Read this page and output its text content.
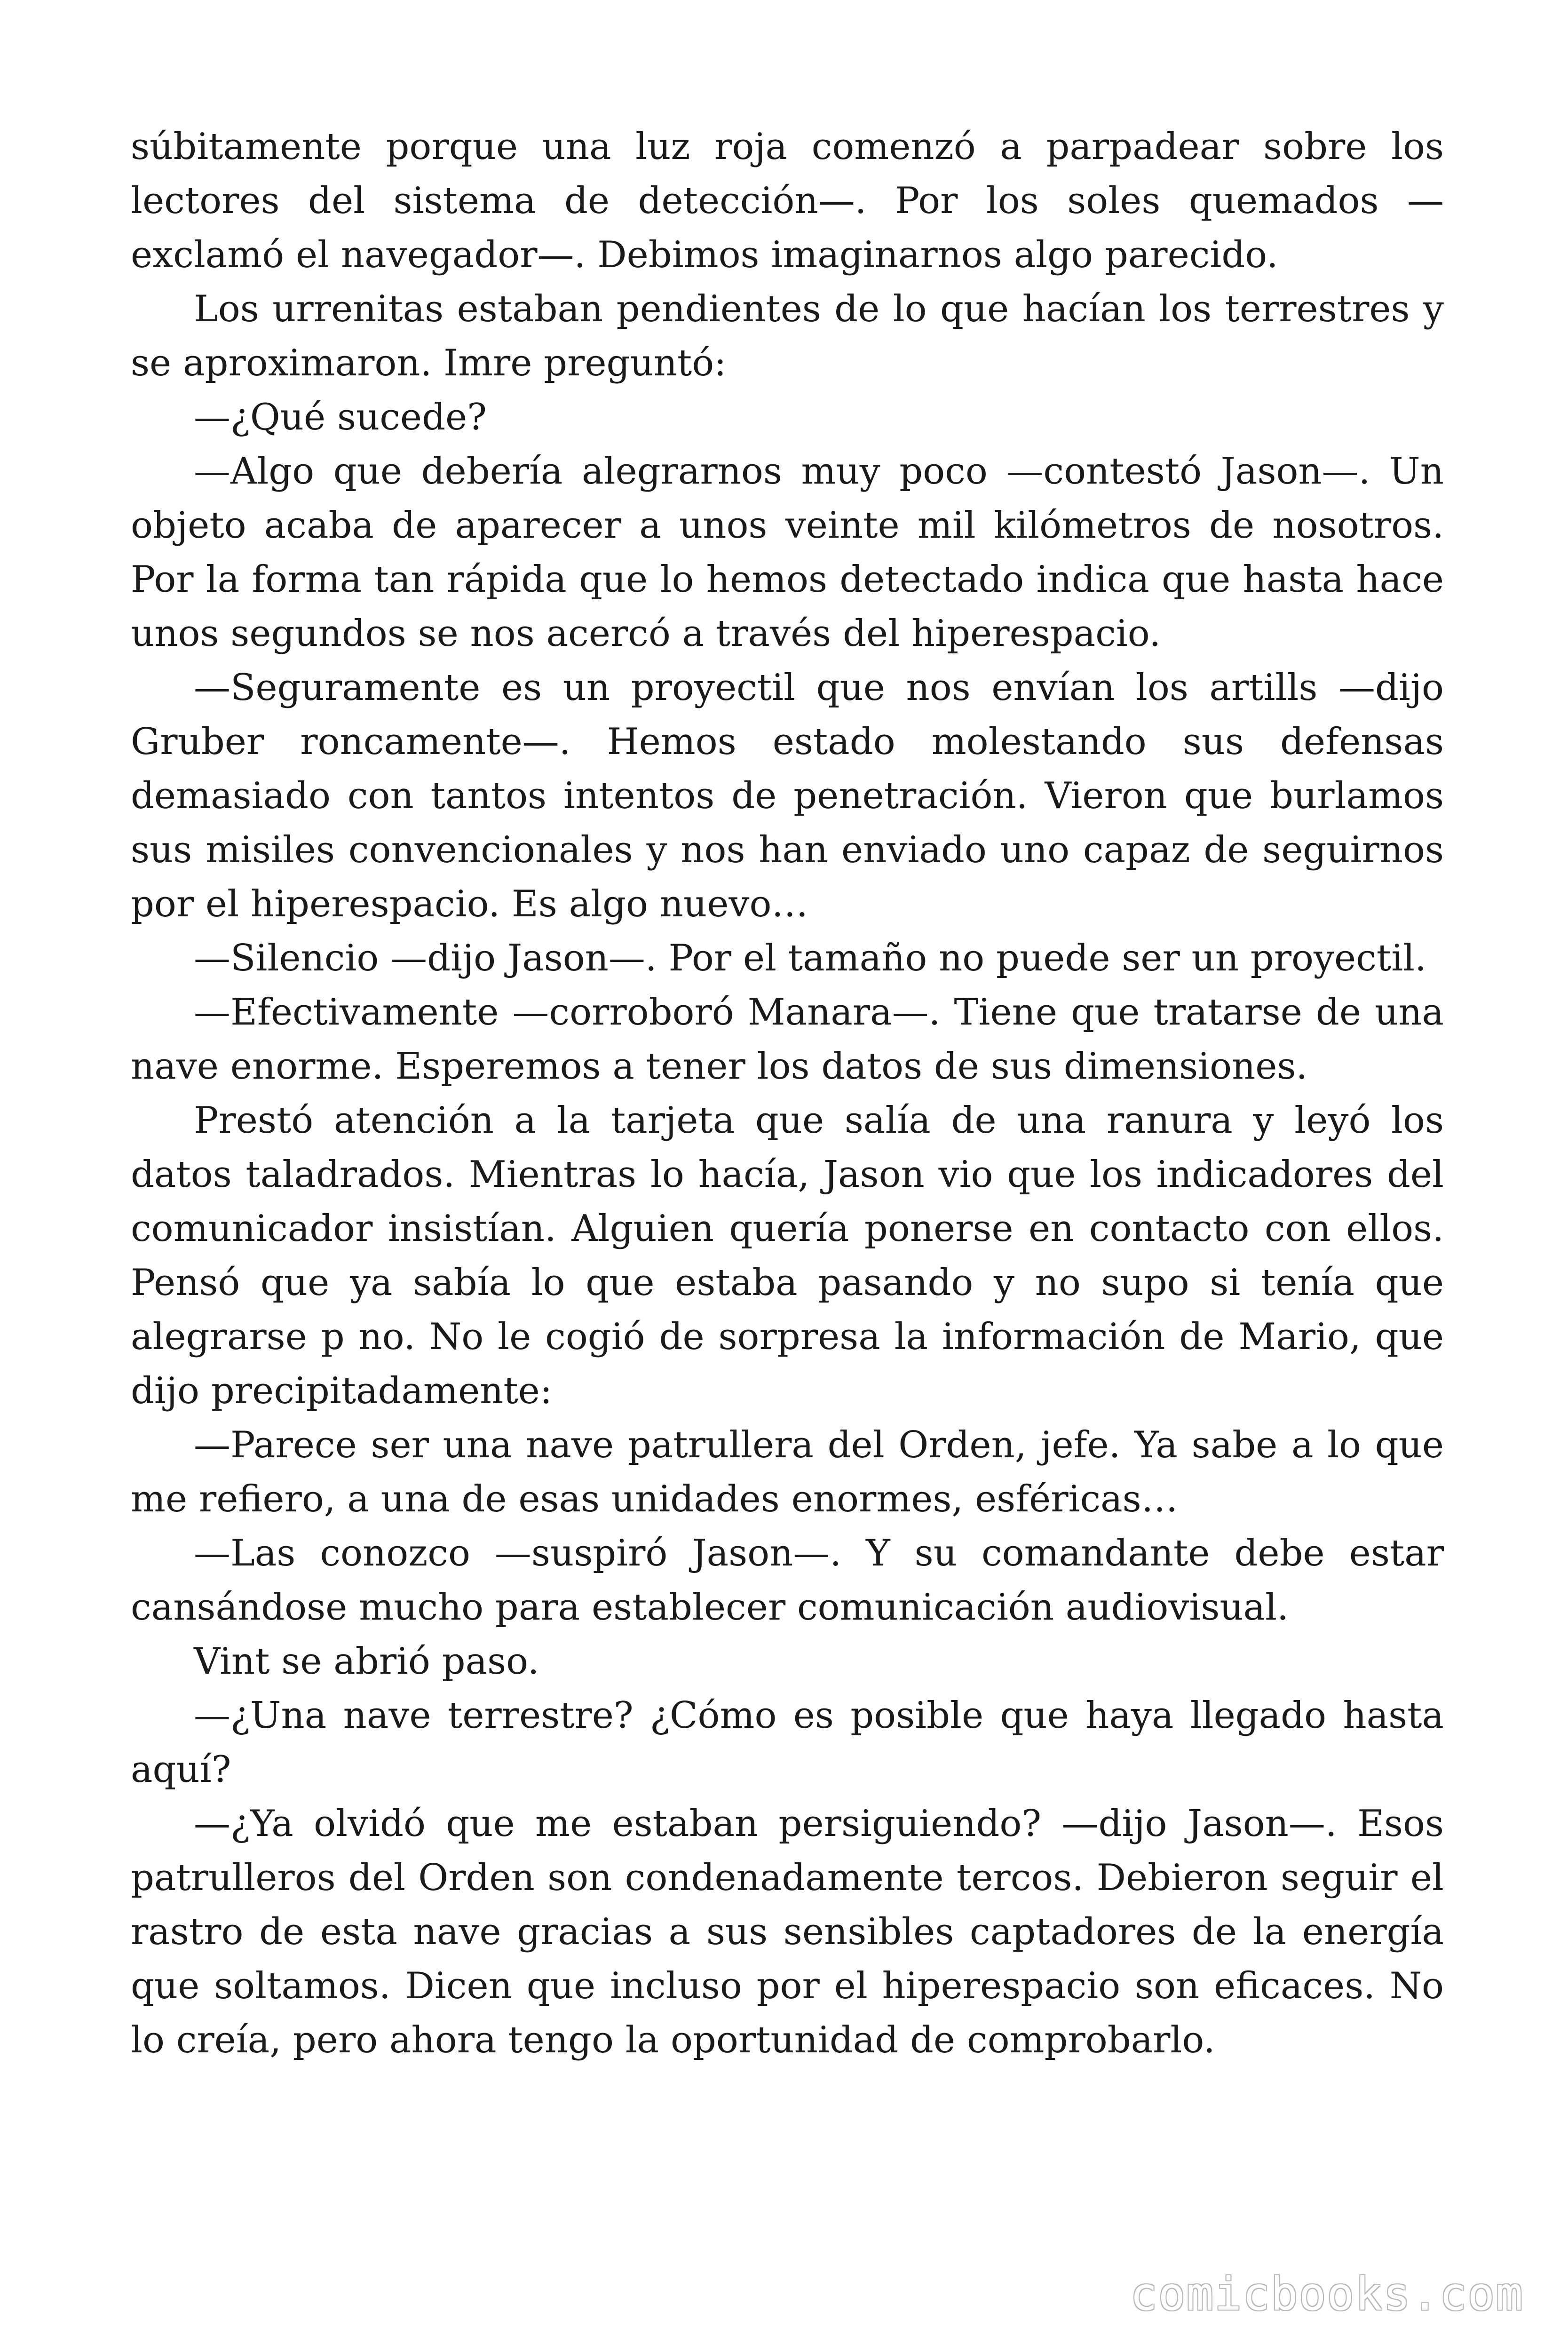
súbitamente porque una luz roja comenzó a parpadear sobre los lectores del sistema de detección—. Por los soles quemados —exclamó el navegador—. Debimos imaginarnos algo parecido.

Los urrenitas estaban pendientes de lo que hacían los terrestres y se aproximaron. Imre preguntó:

—¿Qué sucede?

—Algo que debería alegrarnos muy poco —contestó Jason—. Un objeto acaba de aparecer a unos veinte mil kilómetros de nosotros. Por la forma tan rápida que lo hemos detectado indica que hasta hace unos segundos se nos acercó a través del hiperespacio.

—Seguramente es un proyectil que nos envían los artills —dijo Gruber roncamente—. Hemos estado molestando sus defensas demasiado con tantos intentos de penetración. Vieron que burlamos sus misiles convencionales y nos han enviado uno capaz de seguirnos por el hiperespacio. Es algo nuevo…

—Silencio —dijo Jason—. Por el tamaño no puede ser un proyectil.

—Efectivamente —corroboró Manara—. Tiene que tratarse de una nave enorme. Esperemos a tener los datos de sus dimensiones.

Prestó atención a la tarjeta que salía de una ranura y leyó los datos taladrados. Mientras lo hacía, Jason vio que los indicadores del comunicador insistían. Alguien quería ponerse en contacto con ellos. Pensó que ya sabía lo que estaba pasando y no supo si tenía que alegrarse p no. No le cogió de sorpresa la información de Mario, que dijo precipitadamente:

—Parece ser una nave patrullera del Orden, jefe. Ya sabe a lo que me refiero, a una de esas unidades enormes, esféricas…

—Las conozco —suspiró Jason—. Y su comandante debe estar cansándose mucho para establecer comunicación audiovisual.

Vint se abrió paso.

—¿Una nave terrestre? ¿Cómo es posible que haya llegado hasta aquí?

—¿Ya olvidó que me estaban persiguiendo? —dijo Jason—. Esos patrulleros del Orden son condenadamente tercos. Debieron seguir el rastro de esta nave gracias a sus sensibles captadores de la energía que soltamos. Dicen que incluso por el hiperespacio son eficaces. No lo creía, pero ahora tengo la oportunidad de comprobarlo.

comicbooks.com
